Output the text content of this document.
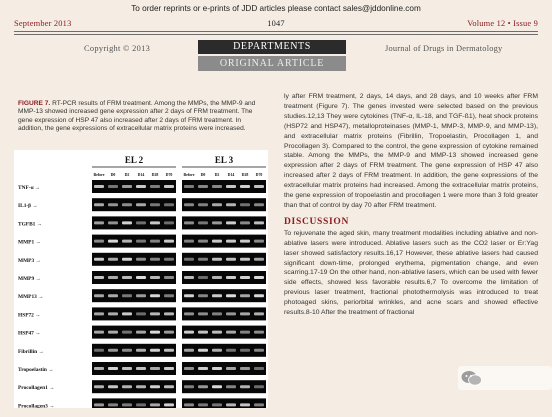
To order reprints or e-prints of JDD articles please contact sales@jddonline.com
September 2013	1047	Volume 12 • Issue 9
Copyright © 2013	DEPARTMENTS
ORIGINAL ARTICLE
Journal of Drugs in Dermatology
FIGURE 7. RT-PCR results of FRM treatment. Among the MMPs, the MMP-9 and MMP-13 showed increased gene expression after 2 days of FRM treatment. The gene expression of HSP 47 also increased after 2 days of FRM treatment. In addition, the gene expressions of extracellular matrix proteins were increased.
EL 2
Before D0 D2 D14 D28 D70
EL 3
Before D0 D2 D14 D28 D70
TNF-α →
IL1-β →
TGFB1 →
MMP1 →
MMP3 →
MMP9 →
MMP13 →
HSP72 →
HSP47 →
Fibrillin →
Tropoelastin →
Procollagen1 →
Procollagen3 →

ly after FRM treatment, 2 days, 14 days, and 28 days, and 10 weeks after FRM treatment (Figure 7). The genes invested were selected based on the previous studies.12,13 They were cytokines (TNF-α, IL-18, and TGF-ß1), heat shock proteins (HSP72 and HSP47), metalloproteinases (MMP-1, MMP-3, MMP-9, and MMP-13), and extracellular matrix proteins (Fibrillin, Tropoelastin, Procollagen 1, and Procollagen 3). Compared to the control, the gene expression of cytokine remained stable. Among the MMPs, the MMP-9 and MMP-13 showed increased gene expression after 2 days of FRM treatment. The gene expression of HSP 47 also increased after 2 days of FRM treatment. In addition, the gene expressions of the extracellular matrix proteins had increased. Among the extracellular matrix proteins, the gene expression of tropoelastin and procollagen 1 were more than 3 fold greater than that of control by day 70 after FRM treatment.

DISCUSSION

To rejuvenate the aged skin, many treatment modalities including ablative and non-ablative lasers were introduced. Ablative lasers such as the CO2 laser or Er:Yag laser showed satisfactory results.16,17 However, these ablative lasers had caused significant down-time, prolonged erythema, pigmentation change, and even scarring.17-19 On the other hand, non-ablative lasers, which can be used with fewer side effects, showed less favorable results.6,7 To overcome the limitation of previous laser treatment, fractional photothermolysis was introduced to treat photoaged skins, periorbital wrinkles, and acne scars and showed effective results.8-10 After the treatment of fractional
